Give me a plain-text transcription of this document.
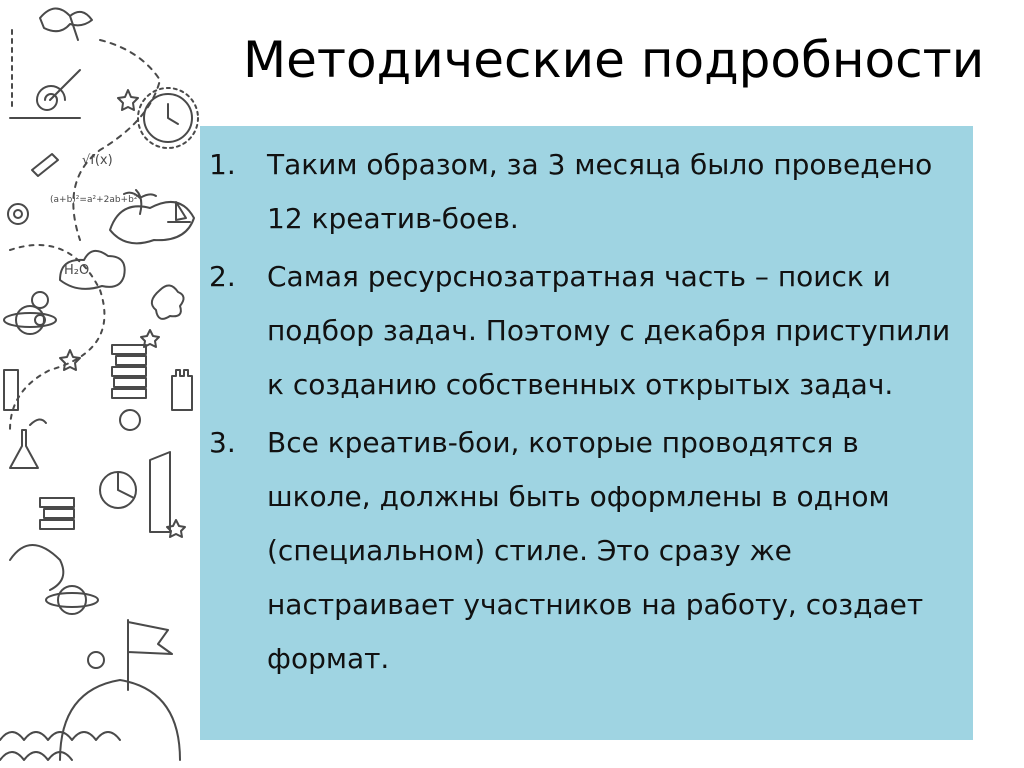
(a+b)²=a²+2ab+b²
H₂O
√f(x)
Методические подробности
1.	Таким образом, за 3 месяца было проведено 12 креатив-боев.
2.	Самая ресурснозатратная часть – поиск и подбор задач. Поэтому с декабря приступили к созданию собственных открытых задач.
3.	Все креатив-бои, которые проводятся в школе, должны быть оформлены в одном (специальном) стиле. Это сразу же настраивает участников на работу, создает формат.
